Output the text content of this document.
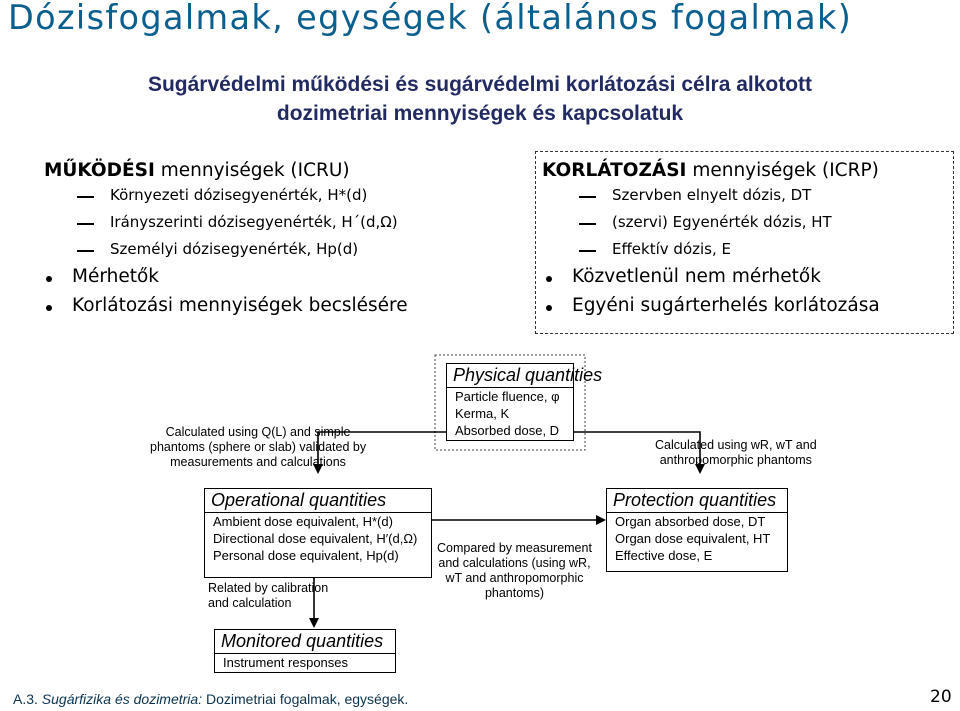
Dózisfogalmak, egységek (általános fogalmak)
Sugárvédelmi működési és sugárvédelmi korlátozási célra alkotott
dozimetriai mennyiségek és kapcsolatuk
MŰKÖDÉSI mennyiségek (ICRU)
Környezeti dózisegyenérték, H*(d)
Irányszerinti dózisegyenérték, H´(d,Ω)
Személyi dózisegyenérték, Hp(d)
Mérhetők
Korlátozási mennyiségek becslésére
KORLÁTOZÁSI mennyiségek (ICRP)
Szervben elnyelt dózis, DT
(szervi) Egyenérték dózis, HT
Effektív dózis, E
Közvetlenül nem mérhetők
Egyéni sugárterhelés korlátozása
Physical quantities
Particle fluence, φ
Kerma, K
Absorbed dose, D
Operational quantities
Ambient dose equivalent, H*(d)
Directional dose equivalent, H′(d,Ω)
Personal dose equivalent, Hp(d)
Protection quantities
Organ absorbed dose, DT
Organ dose equivalent, HT
Effective dose, E
Monitored quantities
Instrument responses
Calculated using Q(L) and simple
phantoms (sphere or slab) validated by
measurements and calculations
Calculated using wR, wT and
anthropomorphic phantoms
Compared by measurement
and calculations (using wR,
wT and anthropomorphic
phantoms)
Related by calibration
and calculation
A.3. Sugárfizika és dozimetria: Dozimetriai fogalmak, egységek.	20
